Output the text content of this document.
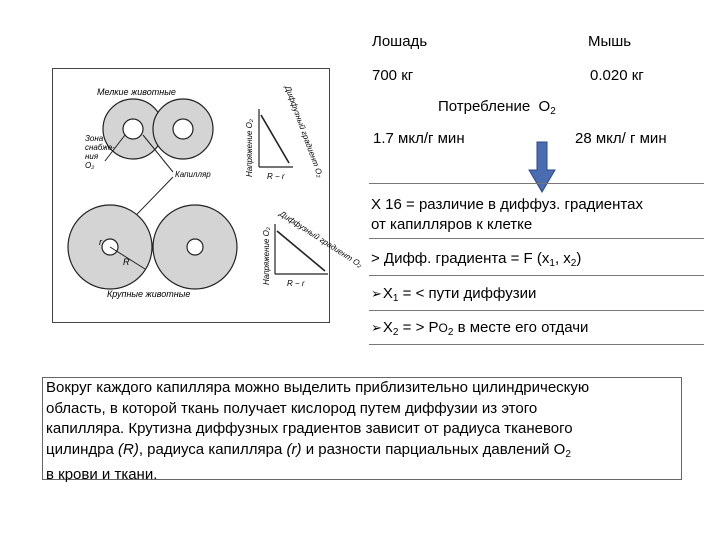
Мелкие животные
Зона снабже-ния O₂
Капилляр	Напряжение O₂	Диффузный градиент O₂
R − r
r
R
Крупные животные
Напряжение O₂ Диффузный градиент O₂
R − r
Лошадь	Мышь
700 кг	0.020 кг
Потребление $O_2$
1.7 мкл/г мин	28 мкл/ г мин
X 16 = различие в диффуз. градиентах
от капилляров к клетке
> Дифф. градиента = F ($x_1$, $x_2$)
$➢X_1$ = < пути диффузии
$➢X_2$ = > $PO_2$ в месте его отдачи
Вокруг каждого капилляра можно выделить приблизительно цилиндрическую
область, в которой ткань получает кислород путем диффузии из этого
капилляра. Крутизна диффузных градиентов зависит от радиуса тканевого
цилиндра (R), радиуса капилляра (r) и разности парциальных давлений $O_2$
в крови и ткани.
